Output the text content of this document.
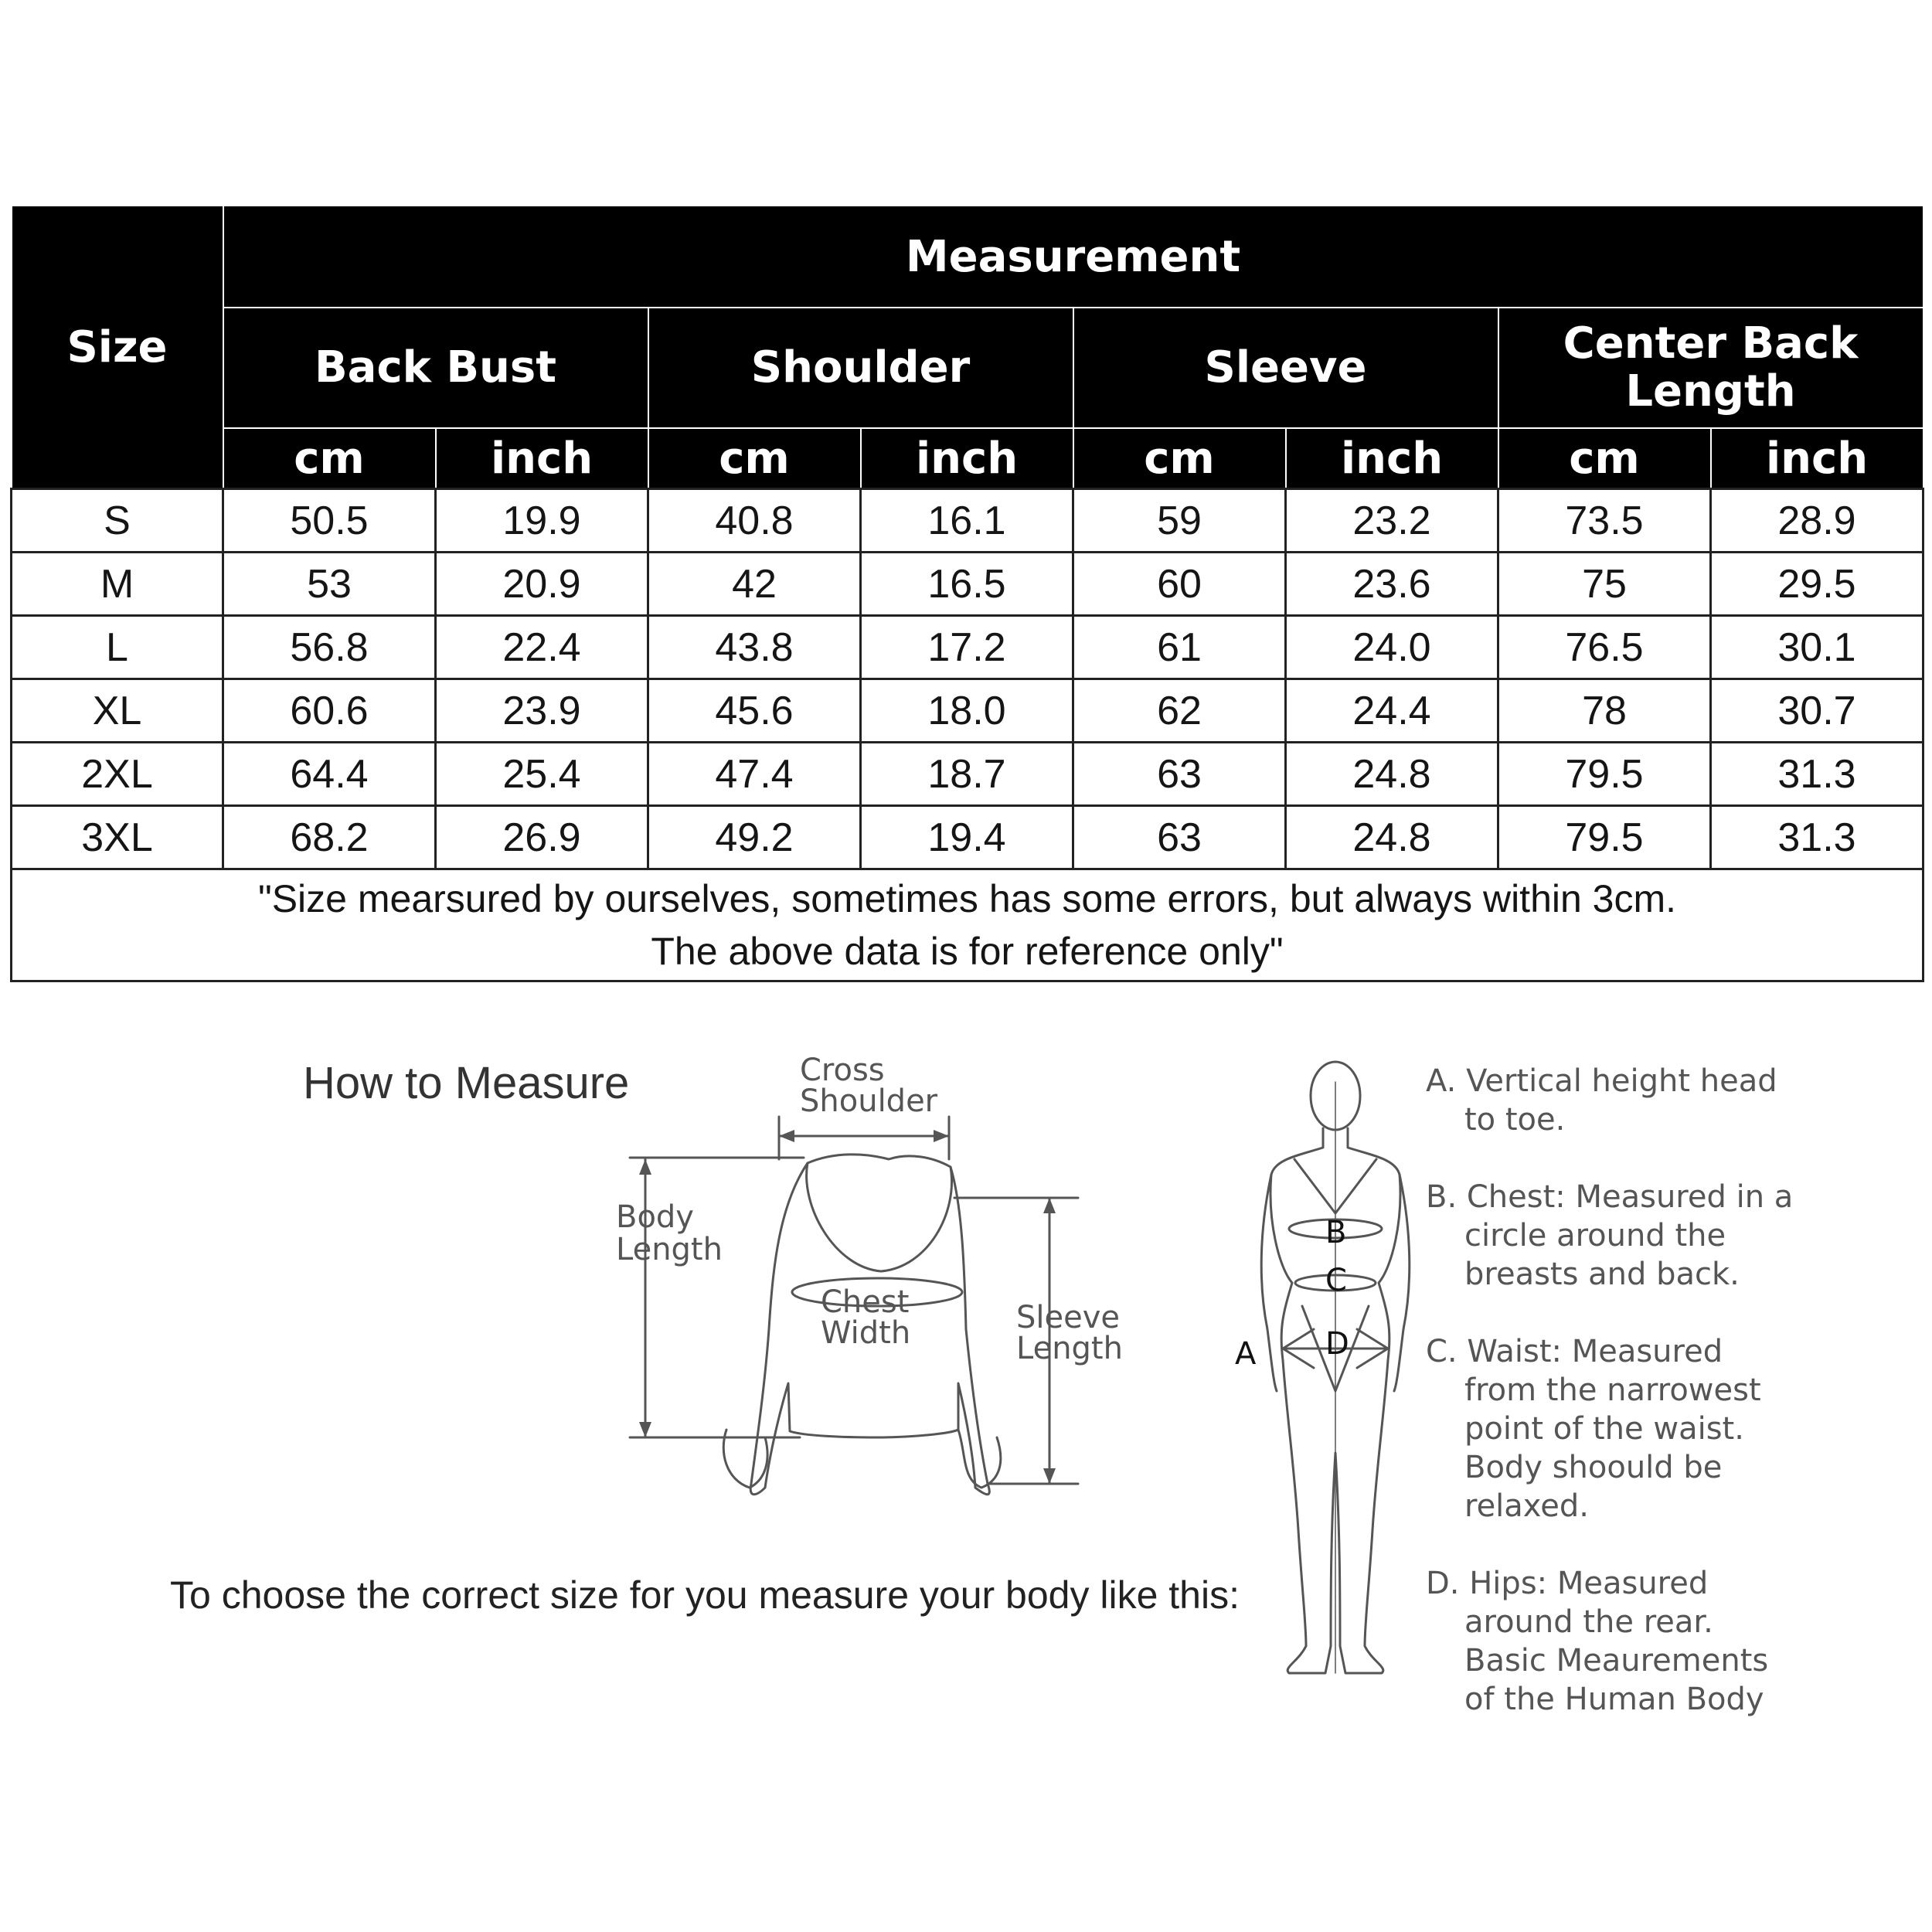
Size	Measurement							
	Back Bust		Shoulder		Sleeve		Center Back Length	
	cm	inch	cm	inch	cm	inch	cm	inch
S	50.5	19.9	40.8	16.1	59	23.2	73.5	28.9
M	53	20.9	42	16.5	60	23.6	75	29.5
L	56.8	22.4	43.8	17.2	61	24.0	76.5	30.1
XL	60.6	23.9	45.6	18.0	62	24.4	78	30.7
2XL	64.4	25.4	47.4	18.7	63	24.8	79.5	31.3
3XL	68.2	26.9	49.2	19.4	63	24.8	79.5	31.3

"Size mearsured by ourselves, sometimes has some errors, but always within 3cm.
The above data is for reference only"								
How to Measure
To choose the correct size for you measure your body like this:
Cross
Shoulder
Body
Length
Chest
Width	Sleeve
Length	A
B
C
D
A. Vertical height head
to toe.
B. Chest: Measured in a
circle around the
breasts and back.
C. Waist: Measured
from the narrowest
point of the waist.
Body shoould be
relaxed.
D. Hips: Measured
around the rear.
Basic Meaurements
of the Human Body
